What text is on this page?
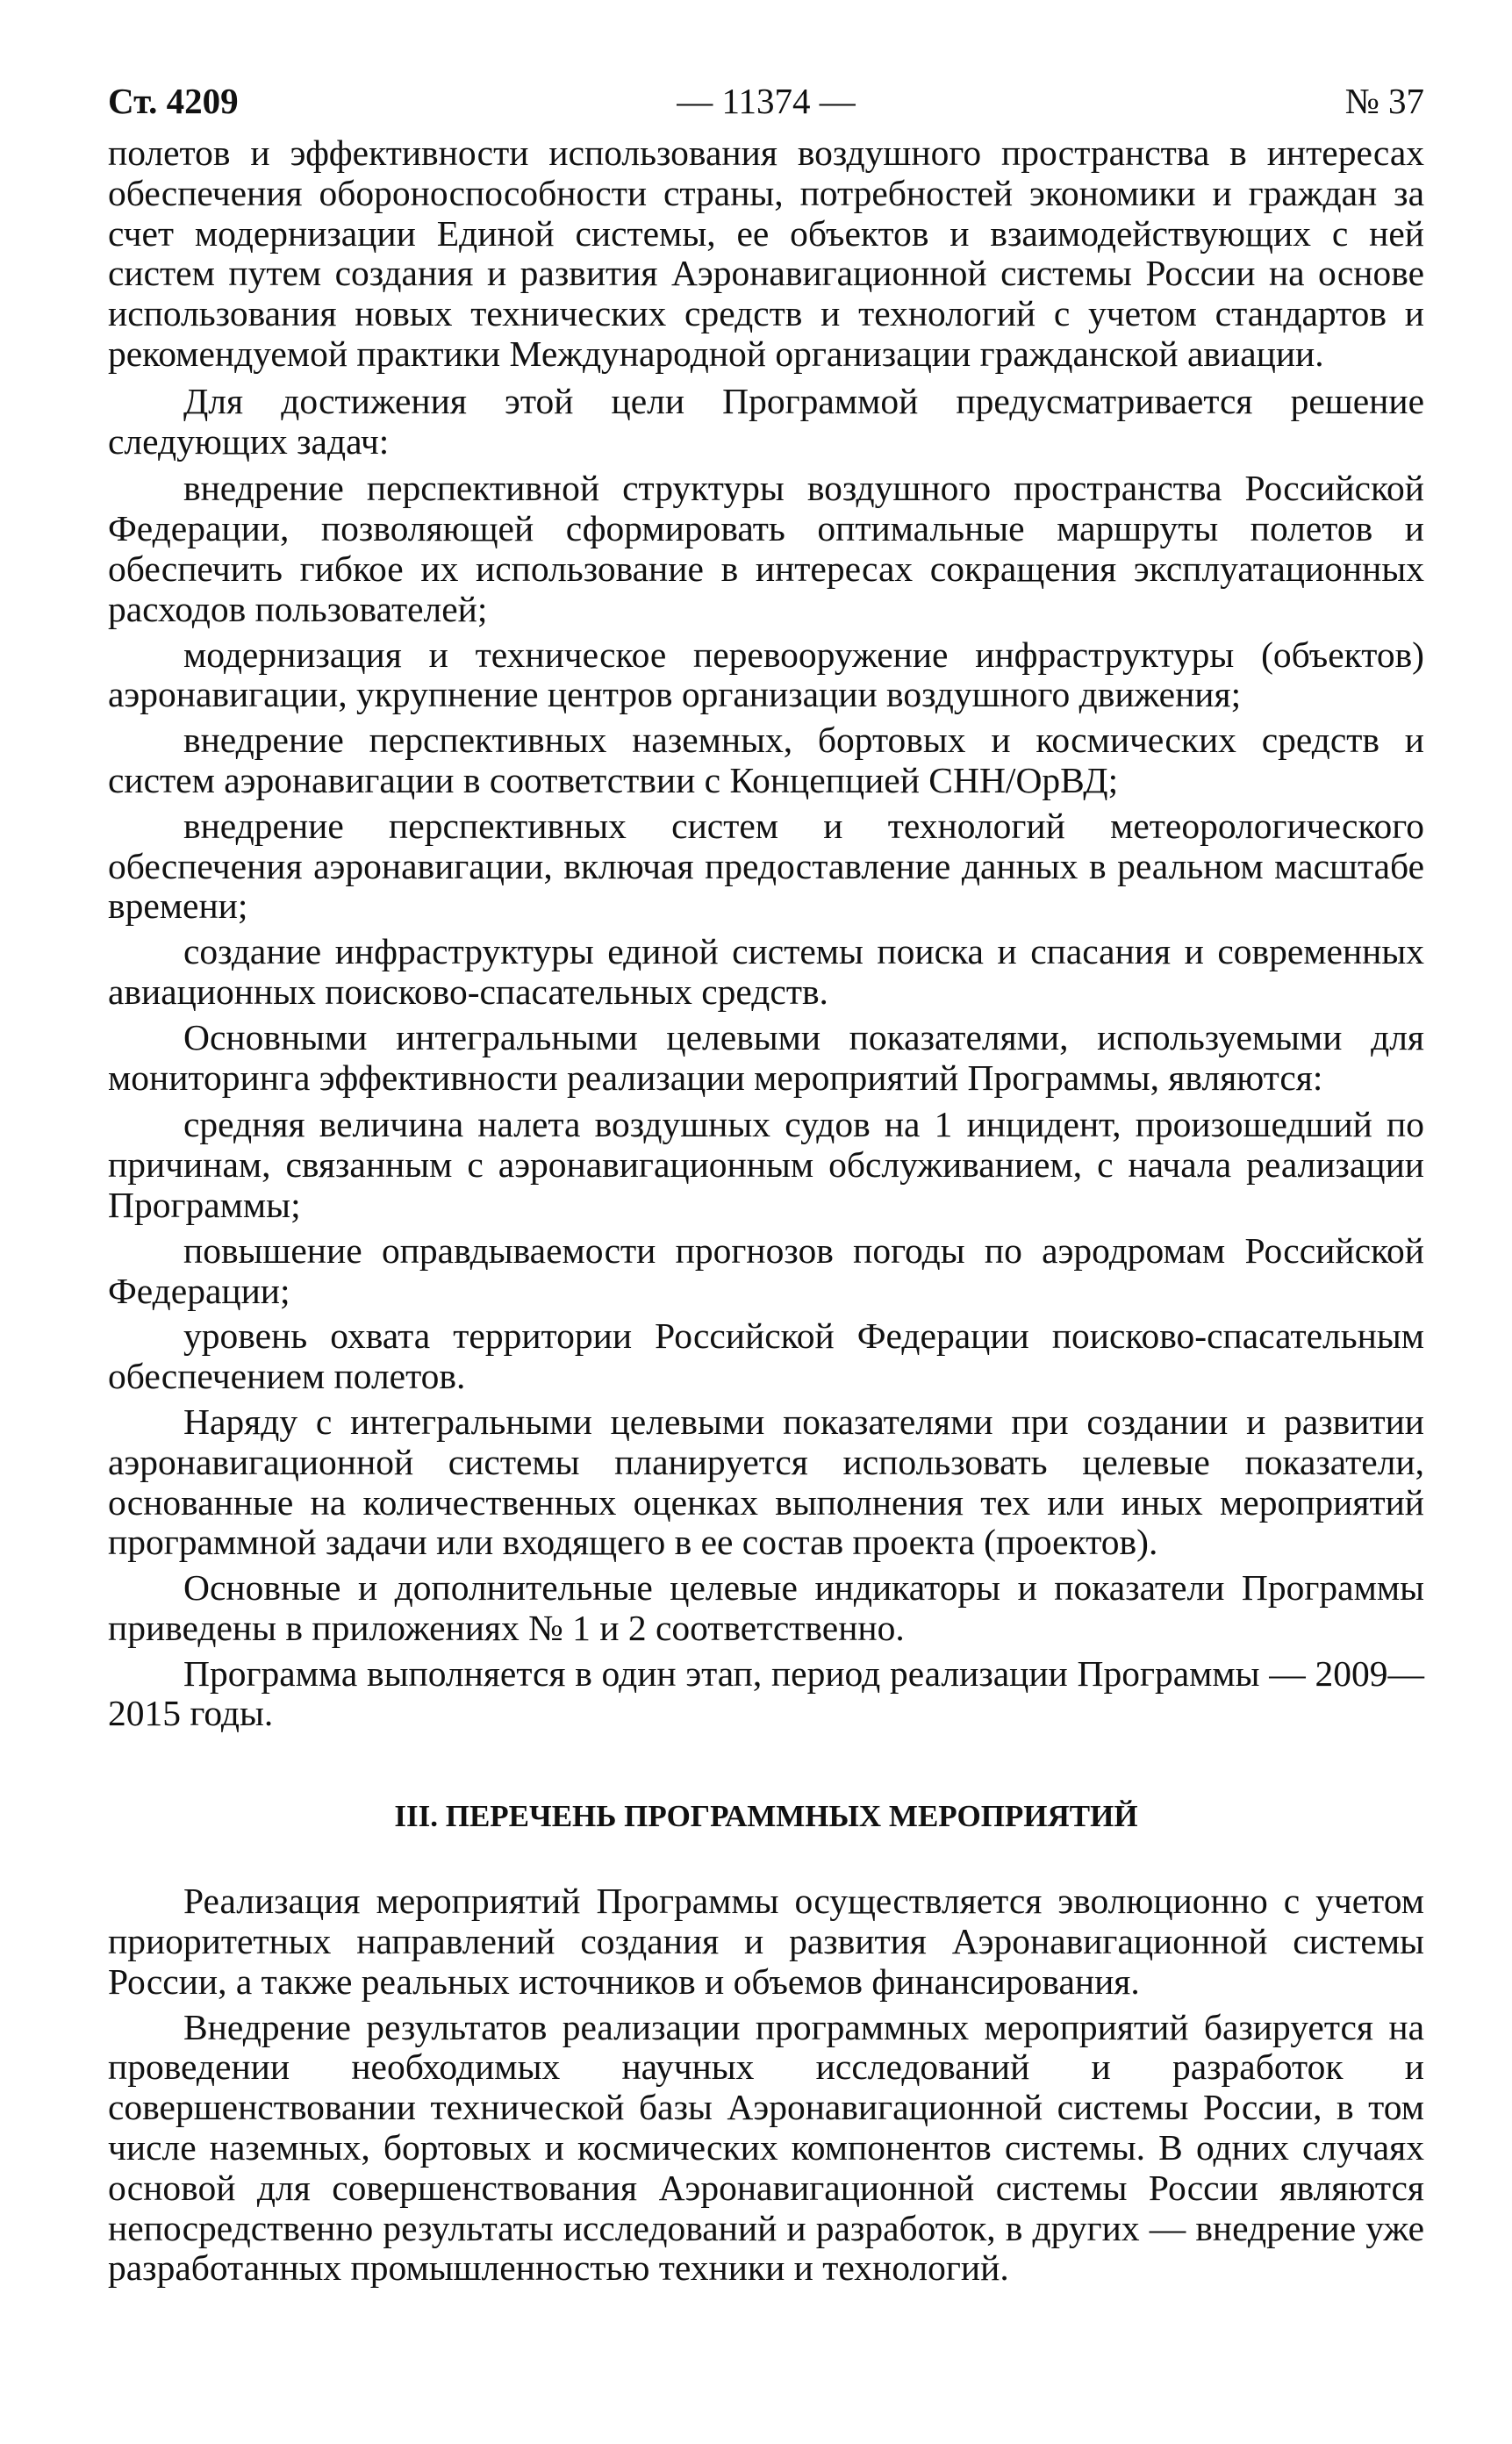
Ст. 4209	— 11374 —	№ 37

полетов и эффективности использования воздушного пространства в интересах обеспечения обороноспособности страны, потребностей экономики и граждан за счет модернизации Единой системы, ее объектов и взаимодействующих с ней систем путем создания и развития Аэронавигационной системы России на основе использования новых технических средств и технологий с учетом стандартов и рекомендуемой практики Международной организации гражданской авиации.

Для достижения этой цели Программой предусматривается решение следующих задач:

внедрение перспективной структуры воздушного пространства Российской Федерации, позволяющей сформировать оптимальные маршруты полетов и обеспечить гибкое их использование в интересах сокращения эксплуатационных расходов пользователей;

модернизация и техническое перевооружение инфраструктуры (объектов) аэронавигации, укрупнение центров организации воздушного движения;

внедрение перспективных наземных, бортовых и космических средств и систем аэронавигации в соответствии с Концепцией СНН/ОрВД;

внедрение перспективных систем и технологий метеорологического обеспечения аэронавигации, включая предоставление данных в реальном масштабе времени;

создание инфраструктуры единой системы поиска и спасания и современных авиационных поисково-спасательных средств.

Основными интегральными целевыми показателями, используемыми для мониторинга эффективности реализации мероприятий Программы, являются:

средняя величина налета воздушных судов на 1 инцидент, произошедший по причинам, связанным с аэронавигационным обслуживанием, с начала реализации Программы;

повышение оправдываемости прогнозов погоды по аэродромам Российской Федерации;

уровень охвата территории Российской Федерации поисково-спасательным обеспечением полетов.

Наряду с интегральными целевыми показателями при создании и развитии аэронавигационной системы планируется использовать целевые показатели, основанные на количественных оценках выполнения тех или иных мероприятий программной задачи или входящего в ее состав проекта (проектов).

Основные и дополнительные целевые индикаторы и показатели Программы приведены в приложениях № 1 и 2 соответственно.

Программа выполняется в один этап, период реализации Программы — 2009—2015 годы.

III. ПЕРЕЧЕНЬ ПРОГРАММНЫХ МЕРОПРИЯТИЙ

Реализация мероприятий Программы осуществляется эволюционно с учетом приоритетных направлений создания и развития Аэронавигационной системы России, а также реальных источников и объемов финансирования.

Внедрение результатов реализации программных мероприятий базируется на проведении необходимых научных исследований и разработок и совершенствовании технической базы Аэронавигационной системы России, в том числе наземных, бортовых и космических компонентов системы. В одних случаях основой для совершенствования Аэронавигационной системы России являются непосредственно результаты исследований и разработок, в других — внедрение уже разработанных промышленностью техники и технологий.
